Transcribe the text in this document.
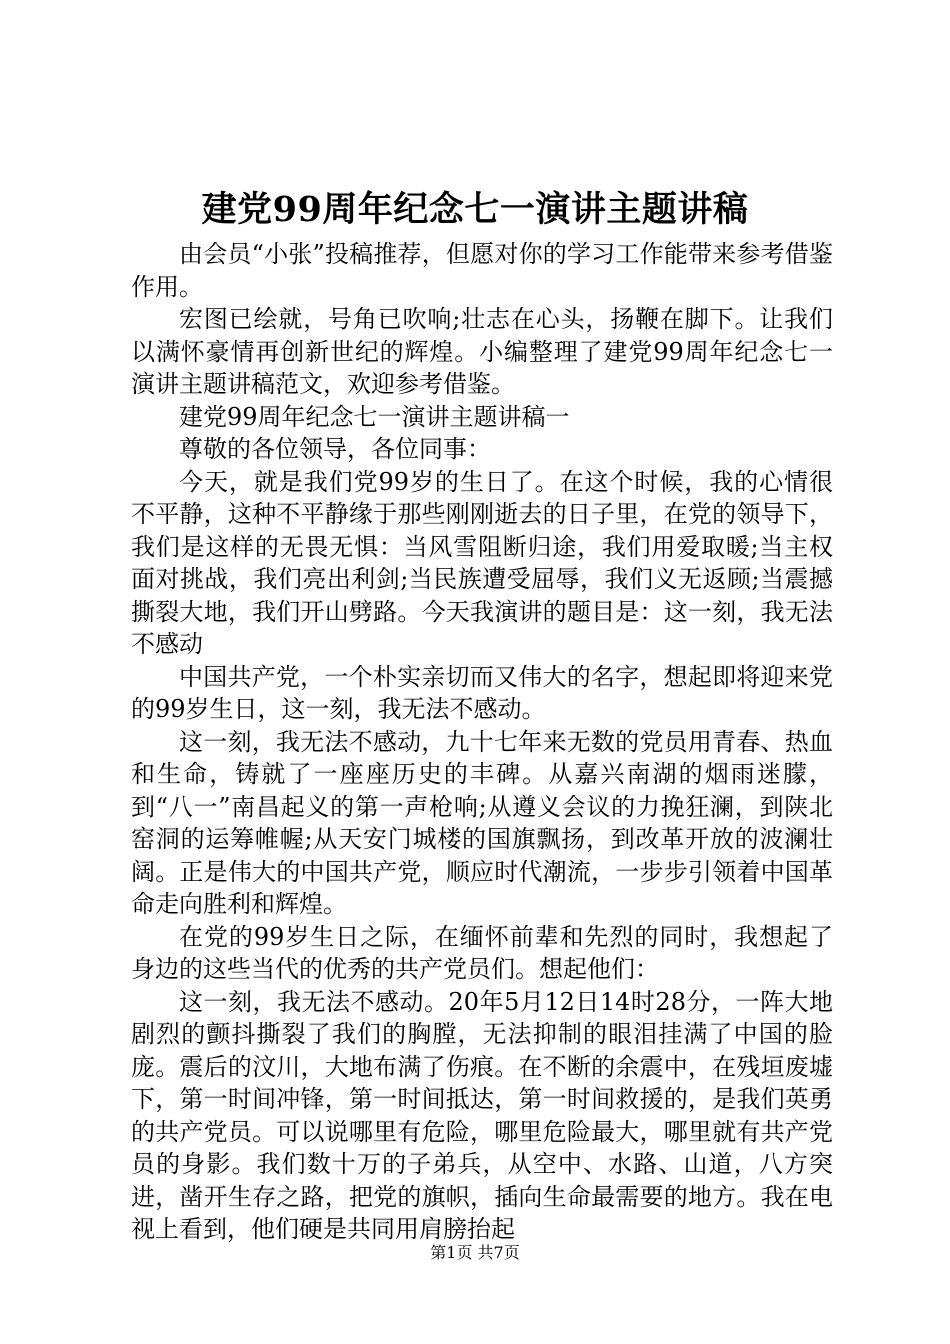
建党99周年纪念七一演讲主题讲稿

由会员“小张”投稿推荐，但愿对你的学习工作能带来参考借鉴作用。

宏图已绘就，号角已吹响;壮志在心头，扬鞭在脚下。让我们以满怀豪情再创新世纪的辉煌。小编整理了建党99周年纪念七一演讲主题讲稿范文，欢迎参考借鉴。

建党99周年纪念七一演讲主题讲稿一

尊敬的各位领导，各位同事：

今天，就是我们党99岁的生日了。在这个时候，我的心情很不平静，这种不平静缘于那些刚刚逝去的日子里，在党的领导下，我们是这样的无畏无惧：当风雪阻断归途，我们用爱取暖;当主权面对挑战，我们亮出利剑;当民族遭受屈辱，我们义无返顾;当震撼撕裂大地，我们开山劈路。今天我演讲的题目是：这一刻，我无法不感动

中国共产党，一个朴实亲切而又伟大的名字，想起即将迎来党的99岁生日，这一刻，我无法不感动。

这一刻，我无法不感动，九十七年来无数的党员用青春、热血和生命，铸就了一座座历史的丰碑。从嘉兴南湖的烟雨迷朦，到“八一”南昌起义的第一声枪响;从遵义会议的力挽狂澜，到陕北窑洞的运筹帷幄;从天安门城楼的国旗飘扬，到改革开放的波澜壮阔。正是伟大的中国共产党，顺应时代潮流，一步步引领着中国革命走向胜利和辉煌。

在党的99岁生日之际，在缅怀前辈和先烈的同时，我想起了身边的这些当代的优秀的共产党员们。想起他们：

这一刻，我无法不感动。20年5月12日14时28分，一阵大地剧烈的颤抖撕裂了我们的胸膛，无法抑制的眼泪挂满了中国的脸庞。震后的汶川，大地布满了伤痕。在不断的余震中，在残垣废墟下，第一时间冲锋，第一时间抵达，第一时间救援的，是我们英勇的共产党员。可以说哪里有危险，哪里危险最大，哪里就有共产党员的身影。我们数十万的子弟兵，从空中、水路、山道，八方突进，凿开生存之路，把党的旗帜，插向生命最需要的地方。我在电视上看到，他们硬是共同用肩膀抬起

第1页 共7页
